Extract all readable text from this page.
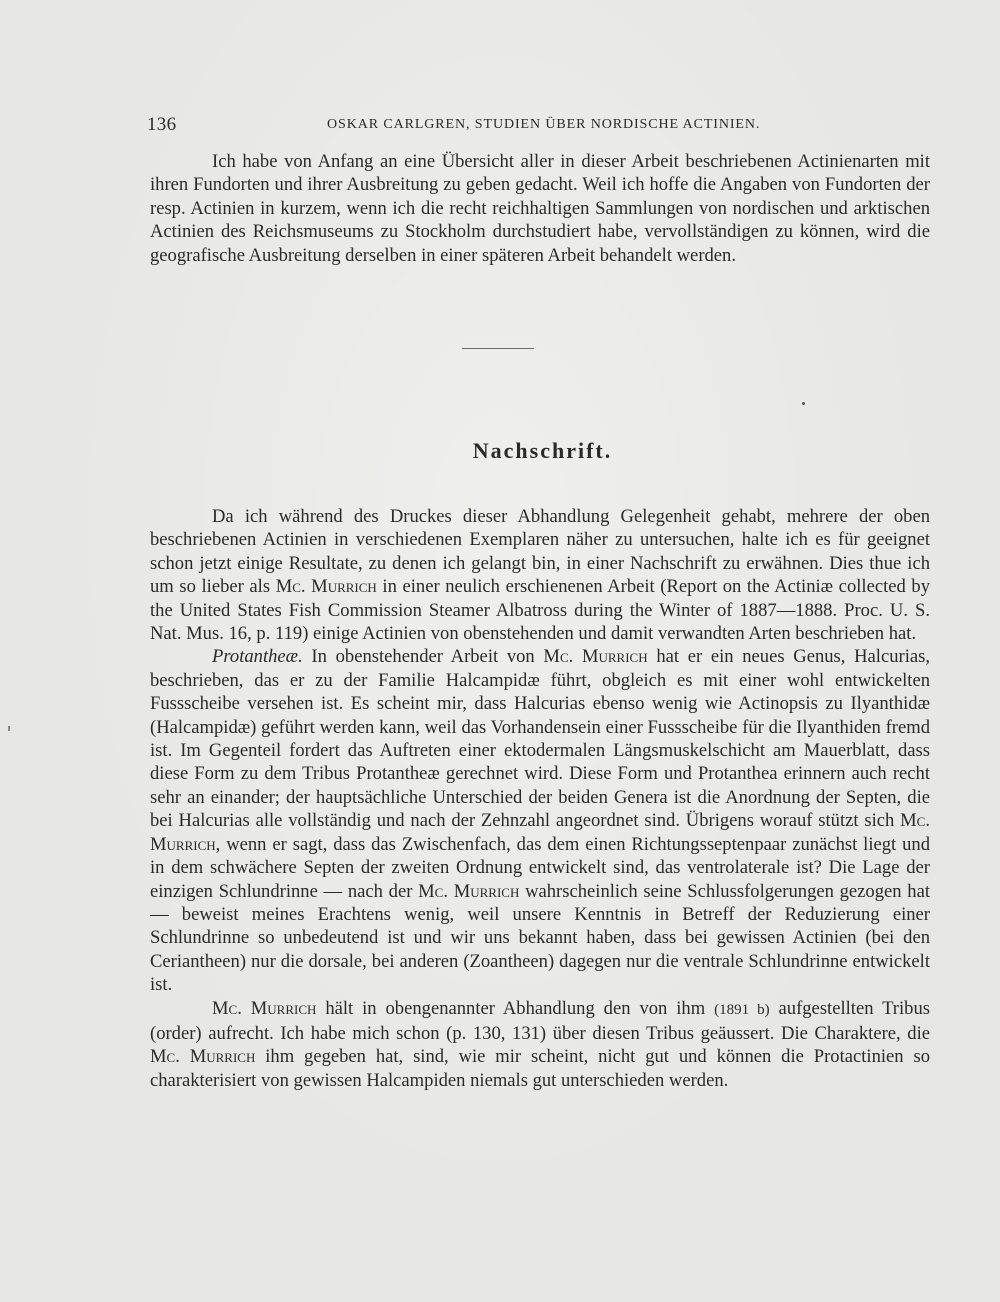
136	OSKAR CARLGREN, STUDIEN ÜBER NORDISCHE ACTINIEN.

Ich habe von Anfang an eine Übersicht aller in dieser Arbeit beschriebenen Actinienarten mit ihren Fundorten und ihrer Ausbreitung zu geben gedacht. Weil ich hoffe die Angaben von Fundorten der resp. Actinien in kurzem, wenn ich die recht reichhaltigen Sammlungen von nordischen und arktischen Actinien des Reichsmuseums zu Stockholm durchstudiert habe, vervollständigen zu können, wird die geografische Ausbreitung derselben in einer späteren Arbeit behandelt werden.

Nachschrift.

Da ich während des Druckes dieser Abhandlung Gelegenheit gehabt, mehrere der oben beschriebenen Actinien in verschiedenen Exemplaren näher zu untersuchen, halte ich es für geeignet schon jetzt einige Resultate, zu denen ich gelangt bin, in einer Nachschrift zu erwähnen. Dies thue ich um so lieber als Mc. Murrich in einer neulich erschienenen Arbeit (Report on the Actiniæ collected by the United States Fish Commission Steamer Albatross during the Winter of 1887—1888. Proc. U. S. Nat. Mus. 16, p. 119) einige Actinien von obenstehenden und damit verwandten Arten beschrieben hat.

Protantheæ. In obenstehender Arbeit von Mc. Murrich hat er ein neues Genus, Halcurias, beschrieben, das er zu der Familie Halcampidæ führt, obgleich es mit einer wohl entwickelten Fussscheibe versehen ist. Es scheint mir, dass Halcurias ebenso wenig wie Actinopsis zu Ilyanthidæ (Halcampidæ) geführt werden kann, weil das Vorhandensein einer Fussscheibe für die Ilyanthiden fremd ist. Im Gegenteil fordert das Auftreten einer ektodermalen Längsmuskelschicht am Mauerblatt, dass diese Form zu dem Tribus Protantheæ gerechnet wird. Diese Form und Protanthea erinnern auch recht sehr an einander; der hauptsächliche Unterschied der beiden Genera ist die Anordnung der Septen, die bei Halcurias alle vollständig und nach der Zehnzahl angeordnet sind. Übrigens worauf stützt sich Mc. Murrich, wenn er sagt, dass das Zwischenfach, das dem einen Richtungsseptenpaar zunächst liegt und in dem schwächere Septen der zweiten Ordnung entwickelt sind, das ventrolaterale ist? Die Lage der einzigen Schlundrinne — nach der Mc. Murrich wahrscheinlich seine Schlussfolgerungen gezogen hat — beweist meines Erachtens wenig, weil unsere Kenntnis in Betreff der Reduzierung einer Schlundrinne so unbedeutend ist und wir uns bekannt haben, dass bei gewissen Actinien (bei den Ceriantheen) nur die dorsale, bei anderen (Zoantheen) dagegen nur die ventrale Schlundrinne entwickelt ist.

Mc. Murrich hält in obengenannter Abhandlung den von ihm (1891 b) aufgestellten Tribus (order) aufrecht. Ich habe mich schon (p. 130, 131) über diesen Tribus geäussert. Die Charaktere, die Mc. Murrich ihm gegeben hat, sind, wie mir scheint, nicht gut und können die Protactinien so charakterisiert von gewissen Halcampiden niemals gut unterschieden werden.
